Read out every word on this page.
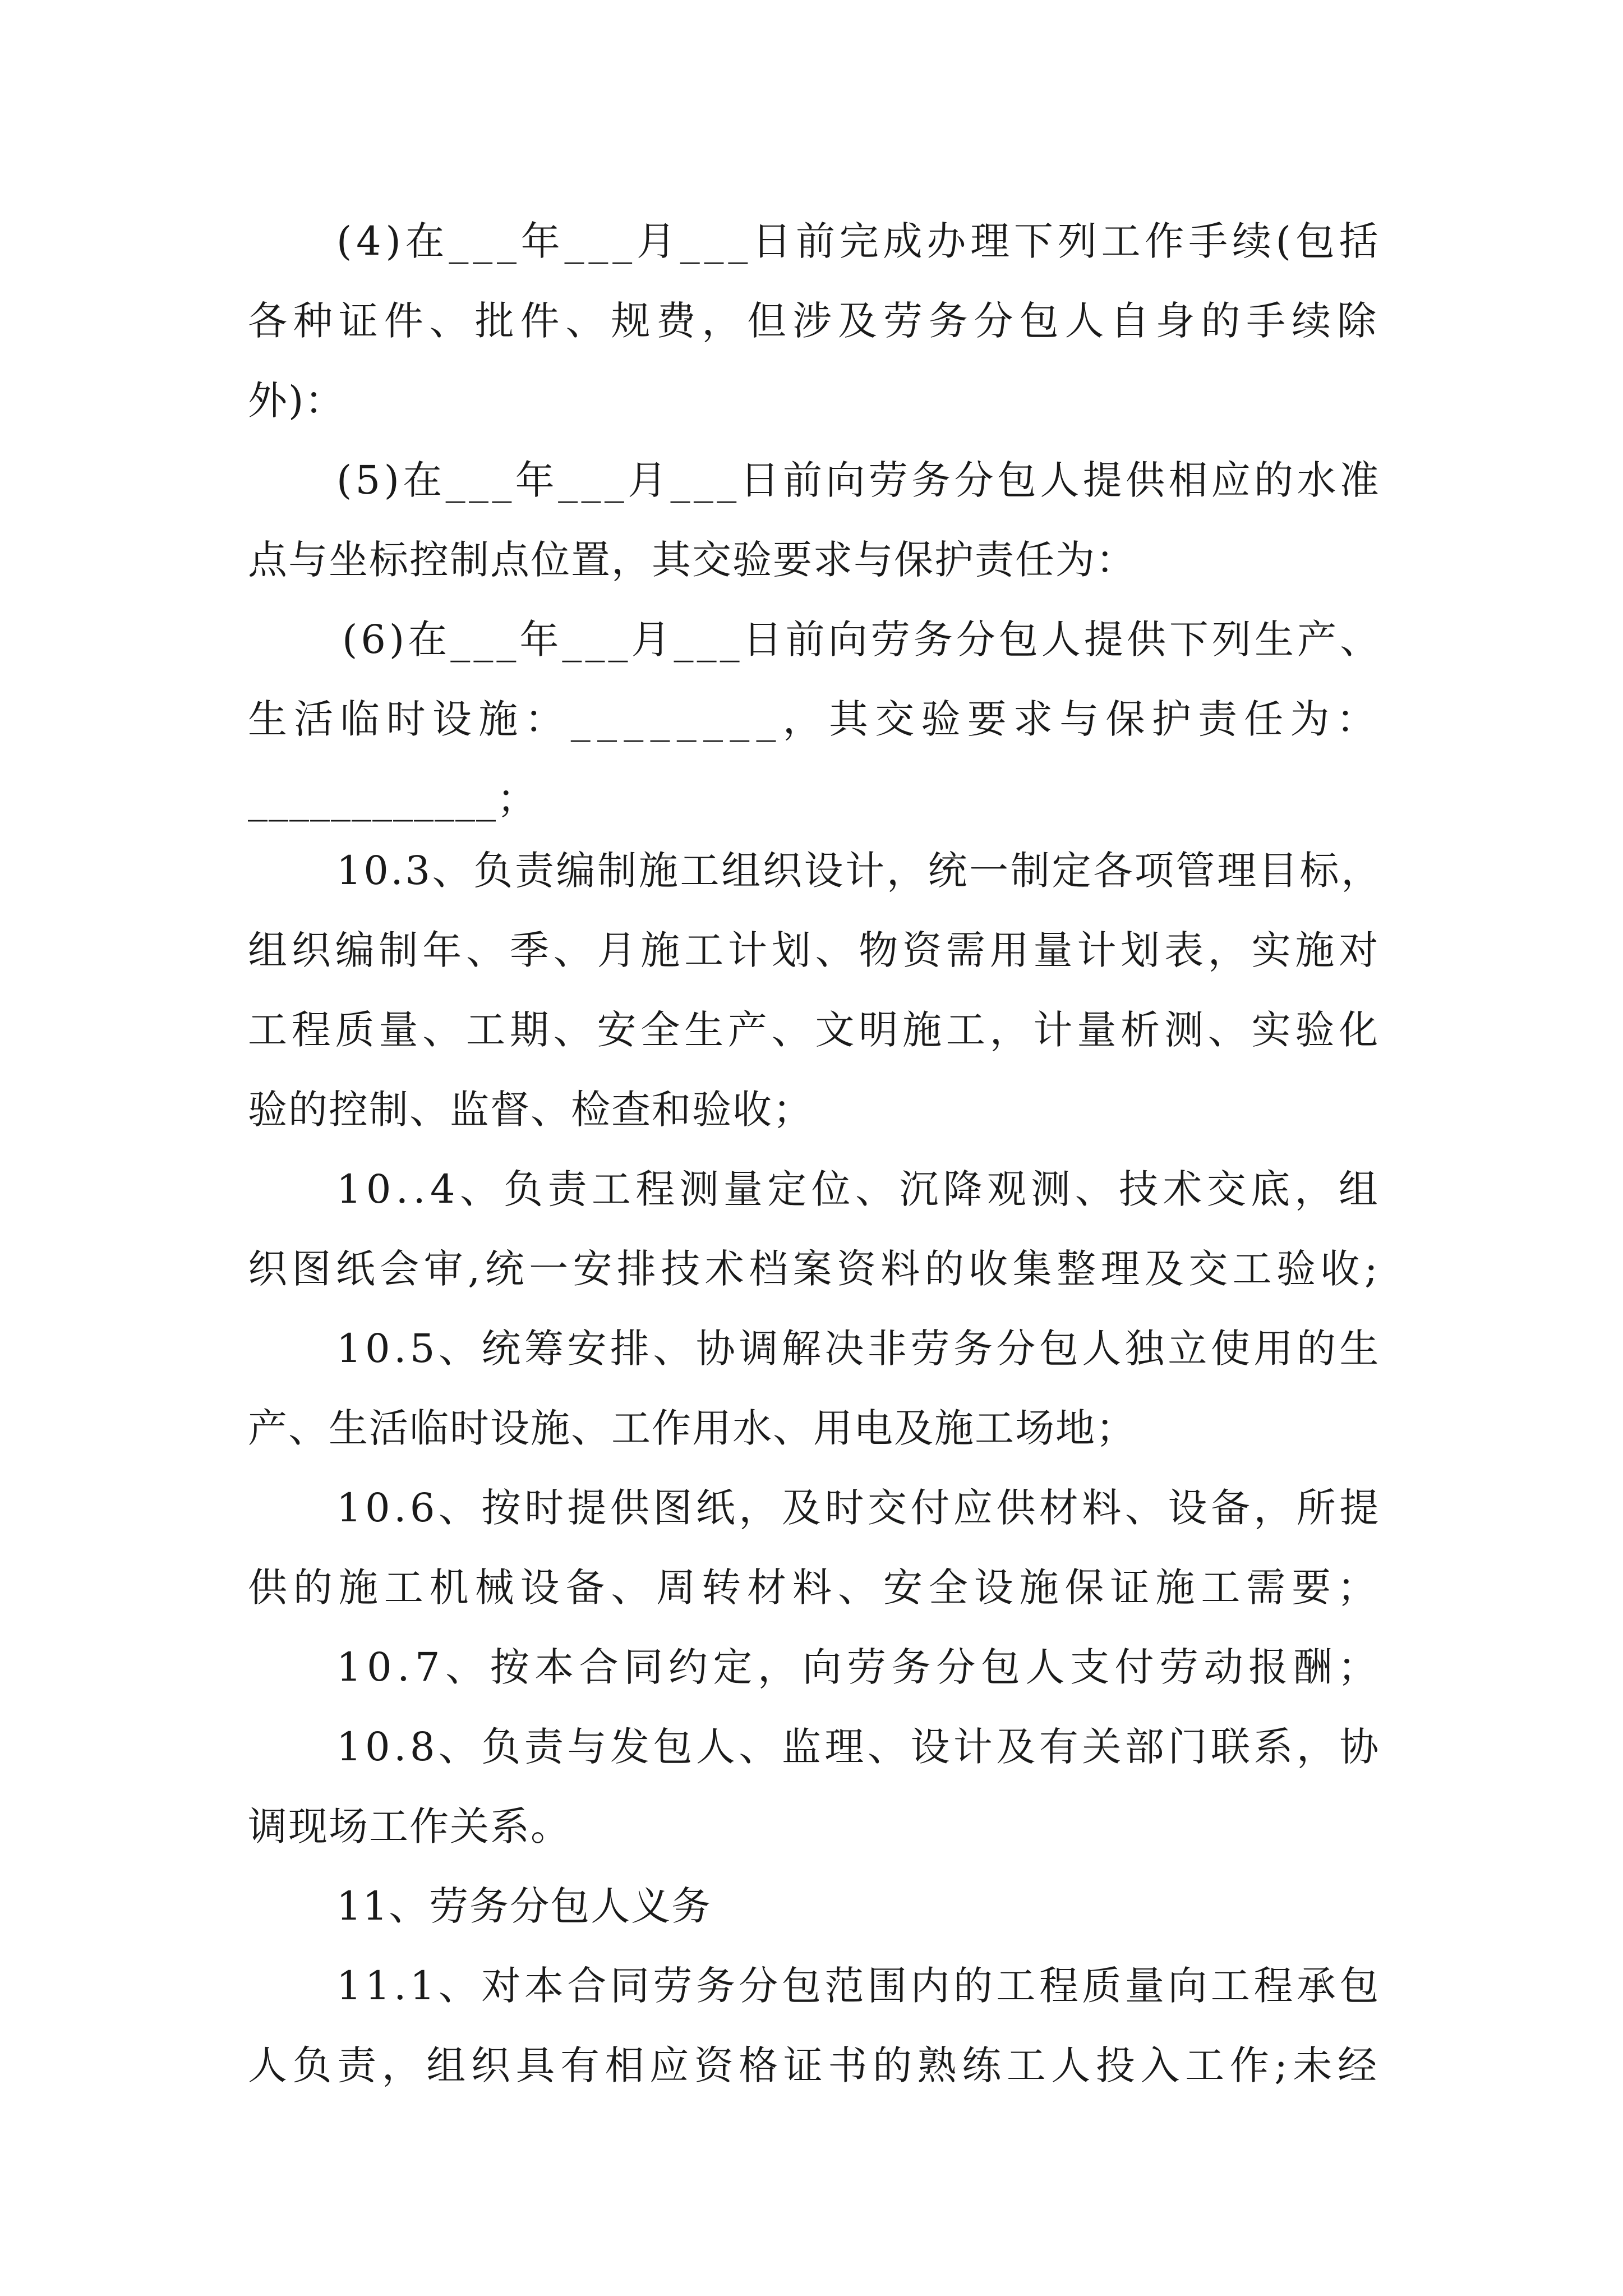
(4)在___年___月___日前完成办理下列工作手续(包括
各种证件、批件、规费，但涉及劳务分包人自身的手续除
外)：
(5)在___年___月___日前向劳务分包人提供相应的水准
点与坐标控制点位置，其交验要求与保护责任为：
(6)在___年___月___日前向劳务分包人提供下列生产、
生活临时设施：________，其交验要求与保护责任为：
____________；
10.3、负责编制施工组织设计，统一制定各项管理目标，
组织编制年、季、月施工计划、物资需用量计划表，实施对
工程质量、工期、安全生产、文明施工，计量析测、实验化
验的控制、监督、检查和验收；
10..4、负责工程测量定位、沉降观测、技术交底，组
织图纸会审,统一安排技术档案资料的收集整理及交工验收;
10.5、统筹安排、协调解决非劳务分包人独立使用的生
产、生活临时设施、工作用水、用电及施工场地；
10.6、按时提供图纸，及时交付应供材料、设备，所提
供的施工机械设备、周转材料、安全设施保证施工需要；
10.7、按本合同约定，向劳务分包人支付劳动报酬；
10.8、负责与发包人、监理、设计及有关部门联系，协
调现场工作关系。
11、劳务分包人义务
11.1、对本合同劳务分包范围内的工程质量向工程承包
人负责，组织具有相应资格证书的熟练工人投入工作;未经
